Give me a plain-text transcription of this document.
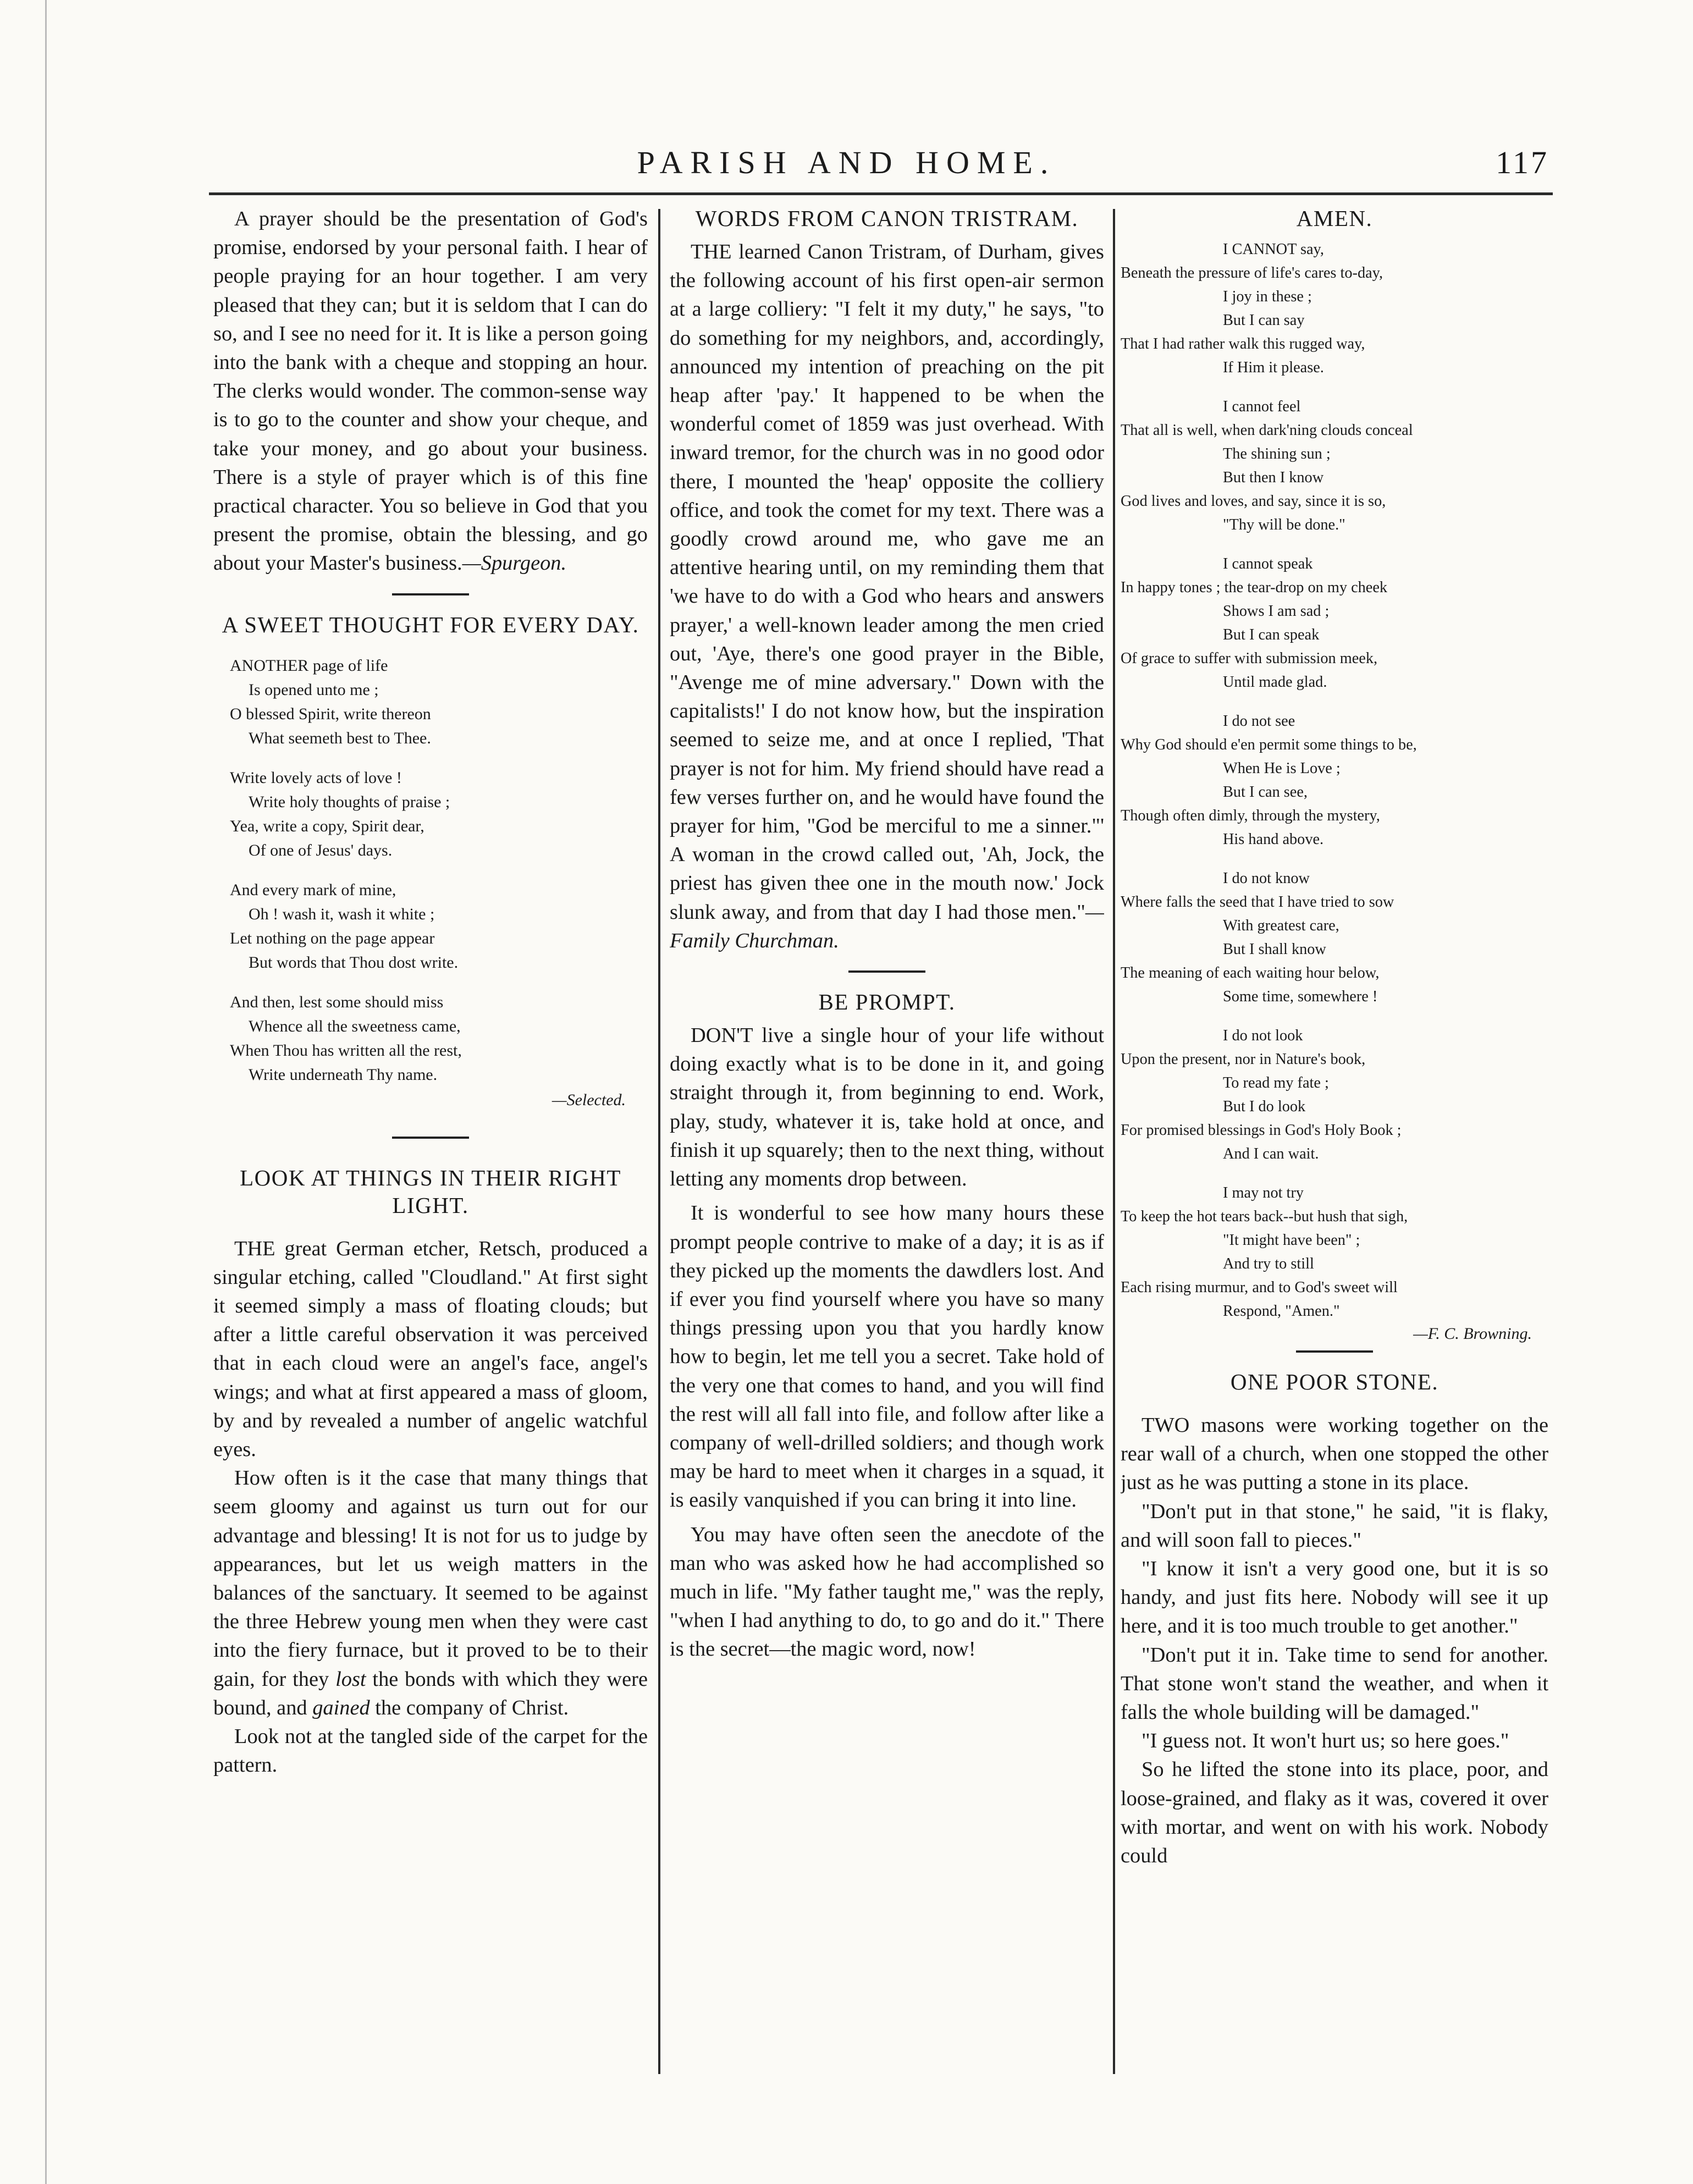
PARISH AND HOME.	117

A prayer should be the presentation of God's promise, endorsed by your personal faith. I hear of people praying for an hour together. I am very pleased that they can; but it is seldom that I can do so, and I see no need for it. It is like a person going into the bank with a cheque and stopping an hour. The clerks would wonder. The common-sense way is to go to the counter and show your cheque, and take your money, and go about your business. There is a style of prayer which is of this fine practical character. You so believe in God that you present the promise, obtain the blessing, and go about your Master's business.—Spurgeon.

A SWEET THOUGHT FOR EVERY DAY.
ANOTHER page of life
Is opened unto me ;
O blessed Spirit, write thereon
What seemeth best to Thee.
Write lovely acts of love !
Write holy thoughts of praise ;
Yea, write a copy, Spirit dear,
Of one of Jesus' days.
And every mark of mine,
Oh ! wash it, wash it white ;
Let nothing on the page appear
But words that Thou dost write.
And then, lest some should miss
Whence all the sweetness came,
When Thou has written all the rest,
Write underneath Thy name.
—Selected.
LOOK AT THINGS IN THEIR RIGHT LIGHT.

THE great German etcher, Retsch, produced a singular etching, called "Cloudland." At first sight it seemed simply a mass of floating clouds; but after a little careful observation it was perceived that in each cloud were an angel's face, angel's wings; and what at first appeared a mass of gloom, by and by revealed a number of angelic watchful eyes.

How often is it the case that many things that seem gloomy and against us turn out for our advantage and blessing! It is not for us to judge by appearances, but let us weigh matters in the balances of the sanctuary. It seemed to be against the three Hebrew young men when they were cast into the fiery furnace, but it proved to be to their gain, for they lost the bonds with which they were bound, and gained the company of Christ.

Look not at the tangled side of the carpet for the pattern.

WORDS FROM CANON TRISTRAM.

THE learned Canon Tristram, of Durham, gives the following account of his first open-air sermon at a large colliery: "I felt it my duty," he says, "to do something for my neighbors, and, accordingly, announced my intention of preaching on the pit heap after 'pay.' It happened to be when the wonderful comet of 1859 was just overhead. With inward tremor, for the church was in no good odor there, I mounted the 'heap' opposite the colliery office, and took the comet for my text. There was a goodly crowd around me, who gave me an attentive hearing until, on my reminding them that 'we have to do with a God who hears and answers prayer,' a well-known leader among the men cried out, 'Aye, there's one good prayer in the Bible, "Avenge me of mine adversary." Down with the capitalists!' I do not know how, but the inspiration seemed to seize me, and at once I replied, 'That prayer is not for him. My friend should have read a few verses further on, and he would have found the prayer for him, "God be merciful to me a sinner."' A woman in the crowd called out, 'Ah, Jock, the priest has given thee one in the mouth now.' Jock slunk away, and from that day I had those men."—Family Churchman.

BE PROMPT.

DON'T live a single hour of your life without doing exactly what is to be done in it, and going straight through it, from beginning to end. Work, play, study, whatever it is, take hold at once, and finish it up squarely; then to the next thing, without letting any moments drop between.

It is wonderful to see how many hours these prompt people contrive to make of a day; it is as if they picked up the moments the dawdlers lost. And if ever you find yourself where you have so many things pressing upon you that you hardly know how to begin, let me tell you a secret. Take hold of the very one that comes to hand, and you will find the rest will all fall into file, and follow after like a company of well-drilled soldiers; and though work may be hard to meet when it charges in a squad, it is easily vanquished if you can bring it into line.

You may have often seen the anecdote of the man who was asked how he had accomplished so much in life. "My father taught me," was the reply, "when I had anything to do, to go and do it." There is the secret—the magic word, now!

AMEN.
I CANNOT say,
Beneath the pressure of life's cares to-day,
I joy in these ;
But I can say
That I had rather walk this rugged way,
If Him it please.
I cannot feel
That all is well, when dark'ning clouds conceal
The shining sun ;
But then I know
God lives and loves, and say, since it is so,
"Thy will be done."
I cannot speak
In happy tones ; the tear-drop on my cheek
Shows I am sad ;
But I can speak
Of grace to suffer with submission meek,
Until made glad.
I do not see
Why God should e'en permit some things to be,
When He is Love ;
But I can see,
Though often dimly, through the mystery,
His hand above.
I do not know
Where falls the seed that I have tried to sow
With greatest care,
But I shall know
The meaning of each waiting hour below,
Some time, somewhere !
I do not look
Upon the present, nor in Nature's book,
To read my fate ;
But I do look
For promised blessings in God's Holy Book ;
And I can wait.
I may not try
To keep the hot tears back--but hush that sigh,
"It might have been" ;
And try to still
Each rising murmur, and to God's sweet will
Respond, "Amen."
—F. C. Browning.
ONE POOR STONE.

TWO masons were working together on the rear wall of a church, when one stopped the other just as he was putting a stone in its place.

"Don't put in that stone," he said, "it is flaky, and will soon fall to pieces."

"I know it isn't a very good one, but it is so handy, and just fits here. Nobody will see it up here, and it is too much trouble to get another."

"Don't put it in. Take time to send for another. That stone won't stand the weather, and when it falls the whole building will be damaged."

"I guess not. It won't hurt us; so here goes."

So he lifted the stone into its place, poor, and loose-grained, and flaky as it was, covered it over with mortar, and went on with his work. Nobody could
